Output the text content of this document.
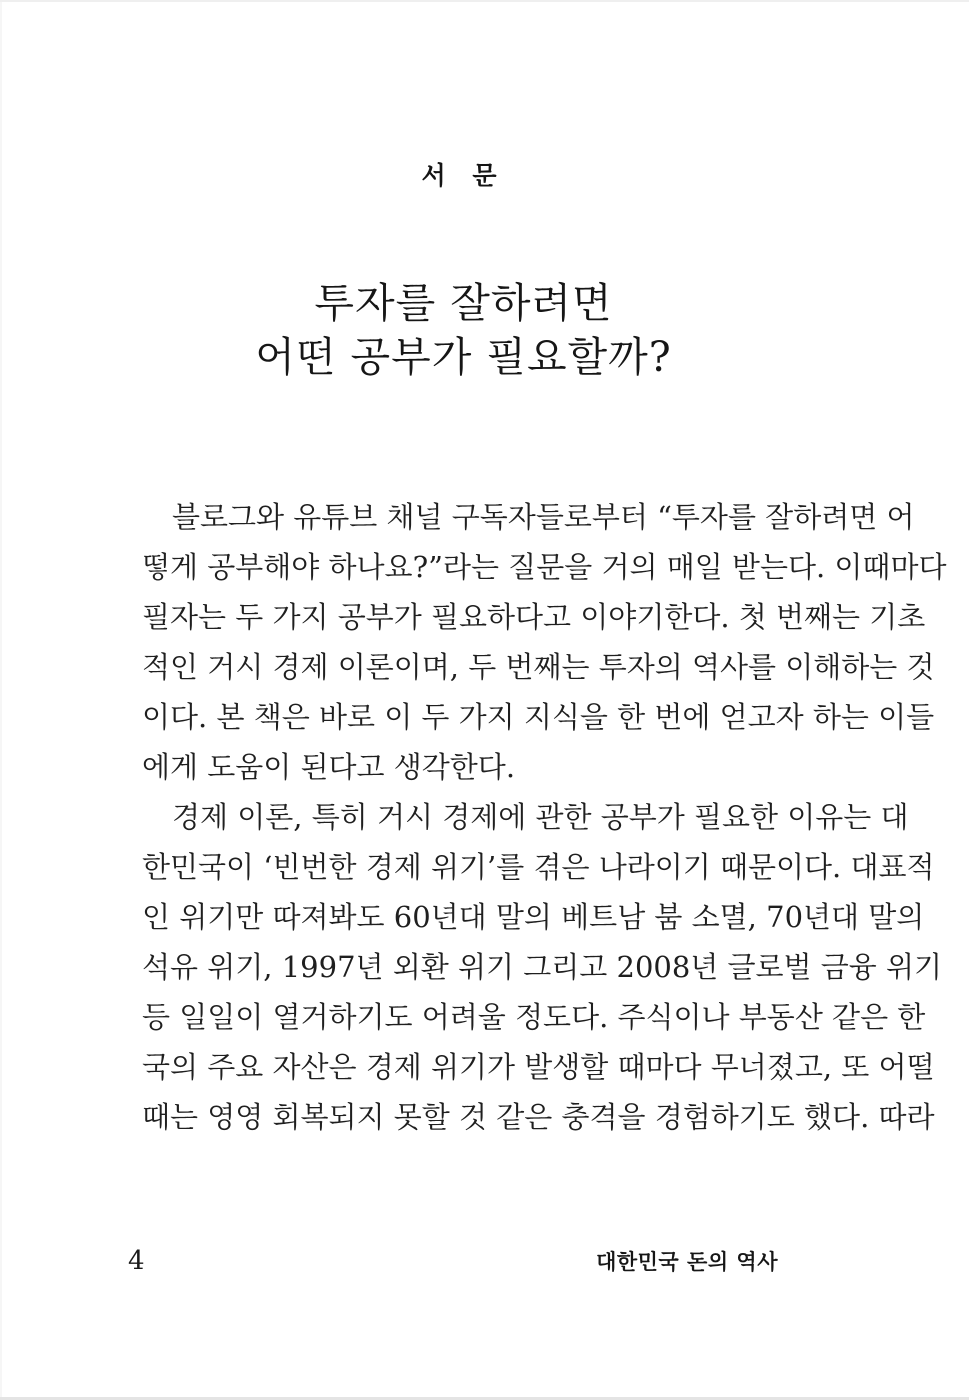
서 문
투자를 잘하려면
어떤 공부가 필요할까?
블로그와 유튜브 채널 구독자들로부터 “투자를 잘하려면 어
떻게 공부해야 하나요?”라는 질문을 거의 매일 받는다. 이때마다
필자는 두 가지 공부가 필요하다고 이야기한다. 첫 번째는 기초
적인 거시 경제 이론이며, 두 번째는 투자의 역사를 이해하는 것
이다. 본 책은 바로 이 두 가지 지식을 한 번에 얻고자 하는 이들
에게 도움이 된다고 생각한다.
경제 이론, 특히 거시 경제에 관한 공부가 필요한 이유는 대
한민국이 ‘빈번한 경제 위기’를 겪은 나라이기 때문이다. 대표적
인 위기만 따져봐도 60년대 말의 베트남 붐 소멸, 70년대 말의
석유 위기, 1997년 외환 위기 그리고 2008년 글로벌 금융 위기
등 일일이 열거하기도 어려울 정도다. 주식이나 부동산 같은 한
국의 주요 자산은 경제 위기가 발생할 때마다 무너졌고, 또 어떨
때는 영영 회복되지 못할 것 같은 충격을 경험하기도 했다. 따라
4	대한민국 돈의 역사
